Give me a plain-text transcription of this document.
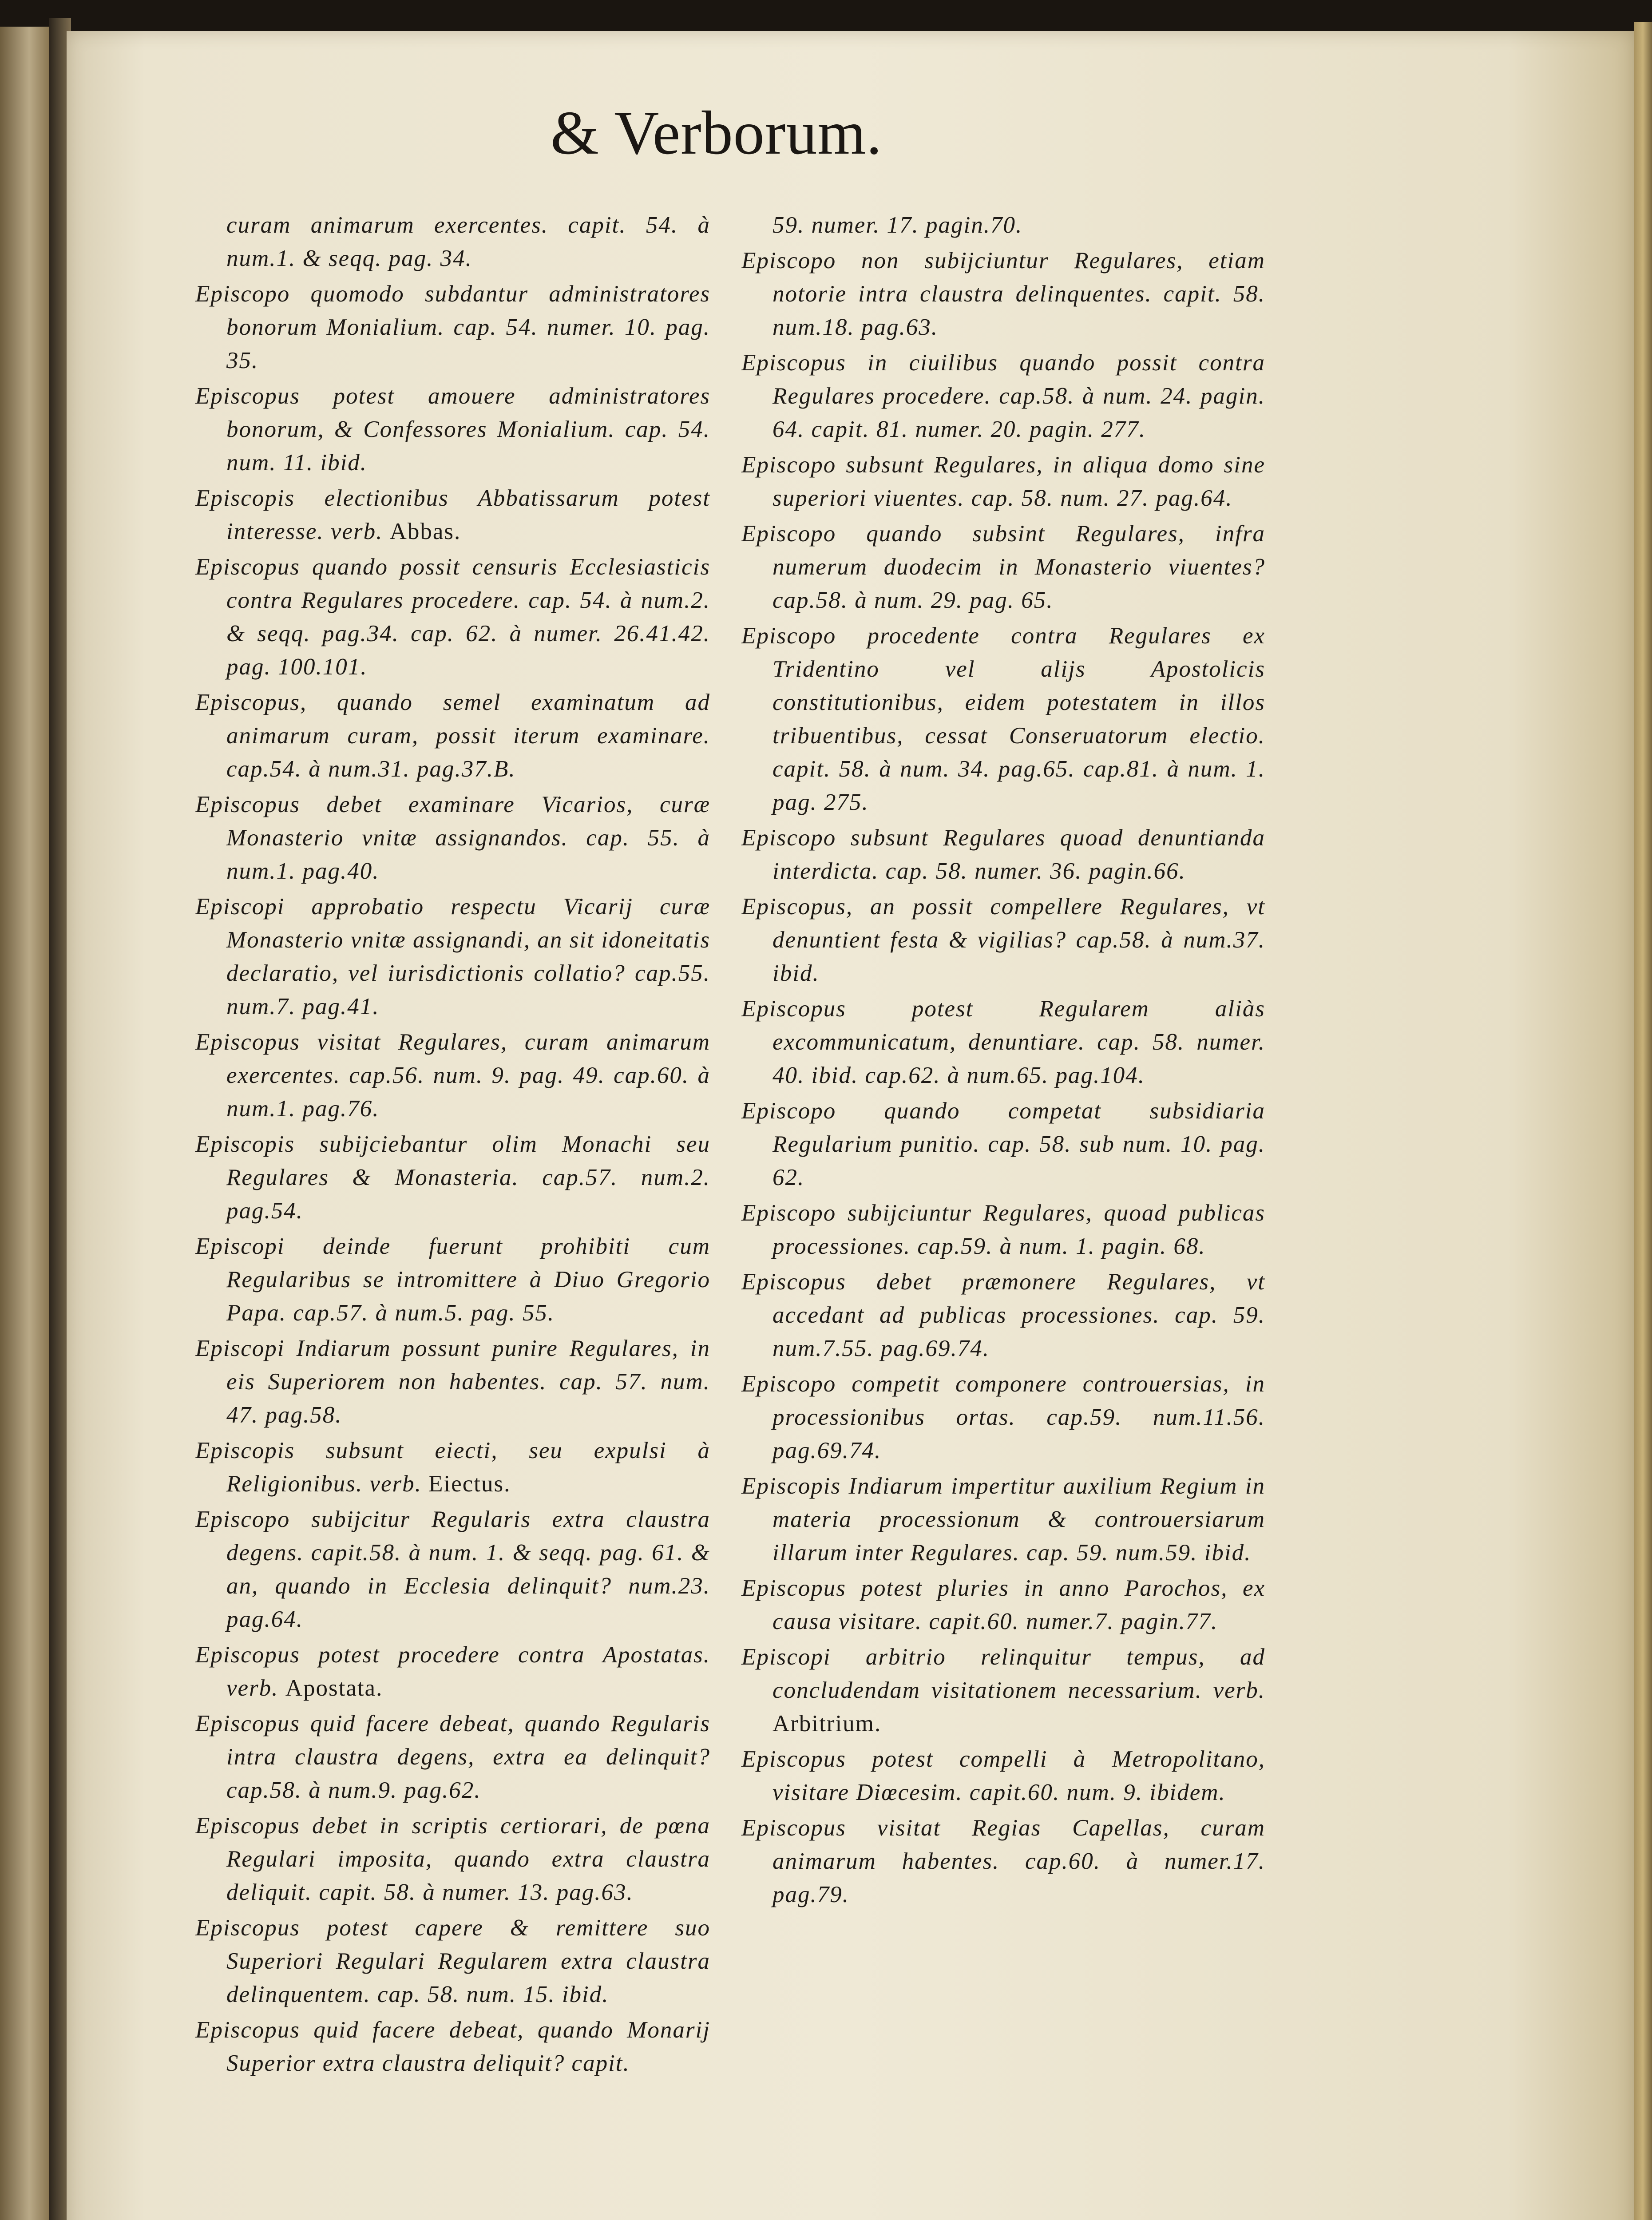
& Verborum.

curam animarum exercentes. capit. 54. à num.1. & seqq. pag. 34.

Episcopo quomodo subdantur administratores bonorum Monialium. cap. 54. numer. 10. pag. 35.

Episcopus potest amouere administratores bonorum, & Confessores Monialium. cap. 54. num. 11. ibid.

Episcopis electionibus Abbatissarum potest interesse. verb. Abbas.

Episcopus quando possit censuris Ecclesiasticis contra Regulares procedere. cap. 54. à num.2. & seqq. pag.34. cap. 62. à numer. 26.41.42. pag. 100.101.

Episcopus, quando semel examinatum ad animarum curam, possit iterum examinare. cap.54. à num.31. pag.37.B.

Episcopus debet examinare Vicarios, curæ Monasterio vnitæ assignandos. cap. 55. à num.1. pag.40.

Episcopi approbatio respectu Vicarij curæ Monasterio vnitæ assignandi, an sit idoneitatis declaratio, vel iurisdictionis collatio? cap.55. num.7. pag.41.

Episcopus visitat Regulares, curam animarum exercentes. cap.56. num. 9. pag. 49. cap.60. à num.1. pag.76.

Episcopis subijciebantur olim Monachi seu Regulares & Monasteria. cap.57. num.2. pag.54.

Episcopi deinde fuerunt prohibiti cum Regularibus se intromittere à Diuo Gregorio Papa. cap.57. à num.5. pag. 55.

Episcopi Indiarum possunt punire Regulares, in eis Superiorem non habentes. cap. 57. num. 47. pag.58.

Episcopis subsunt eiecti, seu expulsi à Religionibus. verb. Eiectus.

Episcopo subijcitur Regularis extra claustra degens. capit.58. à num. 1. & seqq. pag. 61. & an, quando in Ecclesia delinquit? num.23. pag.64.

Episcopus potest procedere contra Apostatas. verb. Apostata.

Episcopus quid facere debeat, quando Regularis intra claustra degens, extra ea delinquit? cap.58. à num.9. pag.62.

Episcopus debet in scriptis certiorari, de pœna Regulari imposita, quando extra claustra deliquit. capit. 58. à numer. 13. pag.63.

Episcopus potest capere & remittere suo Superiori Regulari Regularem extra claustra delinquentem. cap. 58. num. 15. ibid.

Episcopus quid facere debeat, quando Monarij Superior extra claustra deliquit? capit.

59. numer. 17. pagin.70.

Episcopo non subijciuntur Regulares, etiam notorie intra claustra delinquentes. capit. 58. num.18. pag.63.

Episcopus in ciuilibus quando possit contra Regulares procedere. cap.58. à num. 24. pagin. 64. capit. 81. numer. 20. pagin. 277.

Episcopo subsunt Regulares, in aliqua domo sine superiori viuentes. cap. 58. num. 27. pag.64.

Episcopo quando subsint Regulares, infra numerum duodecim in Monasterio viuentes? cap.58. à num. 29. pag. 65.

Episcopo procedente contra Regulares ex Tridentino vel alijs Apostolicis constitutionibus, eidem potestatem in illos tribuentibus, cessat Conseruatorum electio. capit. 58. à num. 34. pag.65. cap.81. à num. 1. pag. 275.

Episcopo subsunt Regulares quoad denuntianda interdicta. cap. 58. numer. 36. pagin.66.

Episcopus, an possit compellere Regulares, vt denuntient festa & vigilias? cap.58. à num.37. ibid.

Episcopus potest Regularem aliàs excommunicatum, denuntiare. cap. 58. numer. 40. ibid. cap.62. à num.65. pag.104.

Episcopo quando competat subsidiaria Regularium punitio. cap. 58. sub num. 10. pag. 62.

Episcopo subijciuntur Regulares, quoad publicas processiones. cap.59. à num. 1. pagin. 68.

Episcopus debet præmonere Regulares, vt accedant ad publicas processiones. cap. 59. num.7.55. pag.69.74.

Episcopo competit componere controuersias, in processionibus ortas. cap.59. num.11.56. pag.69.74.

Episcopis Indiarum impertitur auxilium Regium in materia processionum & controuersiarum illarum inter Regulares. cap. 59. num.59. ibid.

Episcopus potest pluries in anno Parochos, ex causa visitare. capit.60. numer.7. pagin.77.

Episcopi arbitrio relinquitur tempus, ad concludendam visitationem necessarium. verb. Arbitrium.

Episcopus potest compelli à Metropolitano, visitare Diœcesim. capit.60. num. 9. ibidem.

Episcopus visitat Regias Capellas, curam animarum habentes. cap.60. à numer.17. pag.79.
